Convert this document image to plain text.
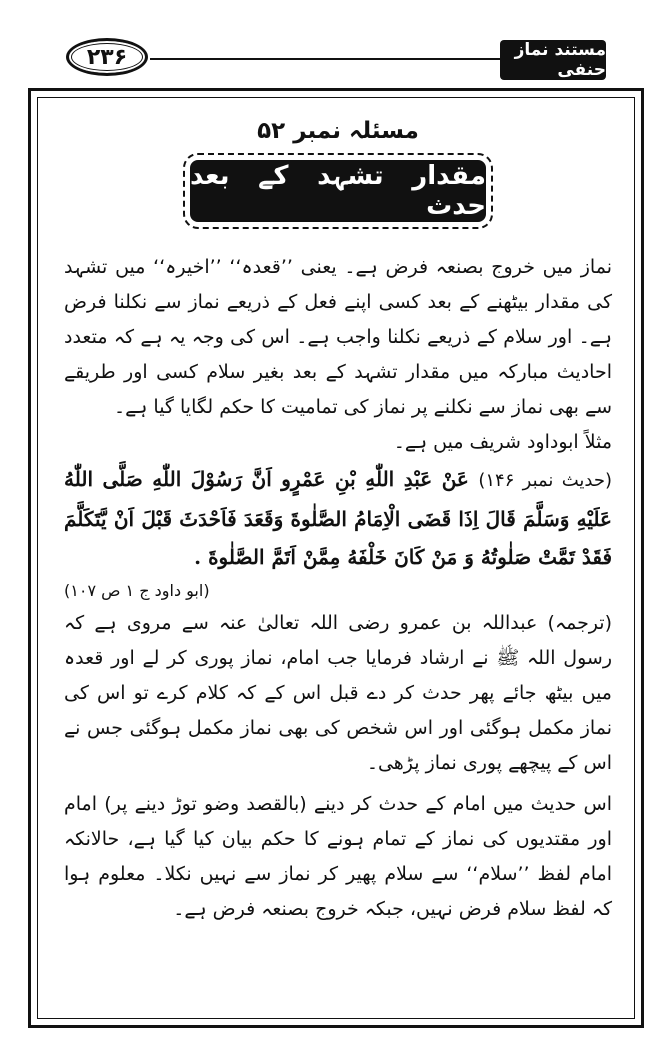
۲۳۶	مستند نماز حنفی
مسئلہ نمبر ۵۲
مقدار تشہد کے بعد حدث

نماز میں خروج بصنعہ فرض ہے۔ یعنی ’’قعدہ‘‘ ’’اخیرہ‘‘ میں تشہد کی مقدار بیٹھنے کے بعد کسی اپنے فعل کے ذریعے نماز سے نکلنا فرض ہے۔ اور سلام کے ذریعے نکلنا واجب ہے۔ اس کی وجہ یہ ہے کہ متعدد احادیث مبارکہ میں مقدار تشہد کے بعد بغیر سلام کسی اور طریقے سے بھی نماز سے نکلنے پر نماز کی تمامیت کا حکم لگایا گیا ہے۔

مثلاً ابوداود شریف میں ہے۔

(حدیث نمبر ۱۴۶) عَنْ عَبْدِ اللّٰهِ بْنِ عَمْرٍو اَنَّ رَسُوْلَ اللّٰهِ صَلَّى اللّٰهُ عَلَيْهِ وَسَلَّمَ قَالَ اِذَا قَضَى الْاِمَامُ الصَّلٰوةَ وَقَعَدَ فَاَحْدَثَ قَبْلَ اَنْ يَّتَكَلَّمَ فَقَدْ تَمَّتْ صَلٰوتُهُ وَ مَنْ كَانَ خَلْفَهُ مِمَّنْ اَتَمَّ الصَّلٰوةَ .

(ابو داود ج ۱ ص ۱۰۷)

(ترجمہ) عبداللہ بن عمرو رضی اللہ تعالیٰ عنہ سے مروی ہے کہ رسول اللہ ﷺ نے ارشاد فرمایا جب امام، نماز پوری کر لے اور قعدہ میں بیٹھ جائے پھر حدث کر دے قبل اس کے کہ کلام کرے تو اس کی نماز مکمل ہوگئی اور اس شخص کی بھی نماز مکمل ہوگئی جس نے اس کے پیچھے پوری نماز پڑھی۔

اس حدیث میں امام کے حدث کر دینے (بالقصد وضو توڑ دینے پر) امام اور مقتدیوں کی نماز کے تمام ہونے کا حکم بیان کیا گیا ہے، حالانکہ امام لفظ ’’سلام‘‘ سے سلام پھیر کر نماز سے نہیں نکلا۔ معلوم ہوا کہ لفظ سلام فرض نہیں، جبکہ خروج بصنعہ فرض ہے۔
